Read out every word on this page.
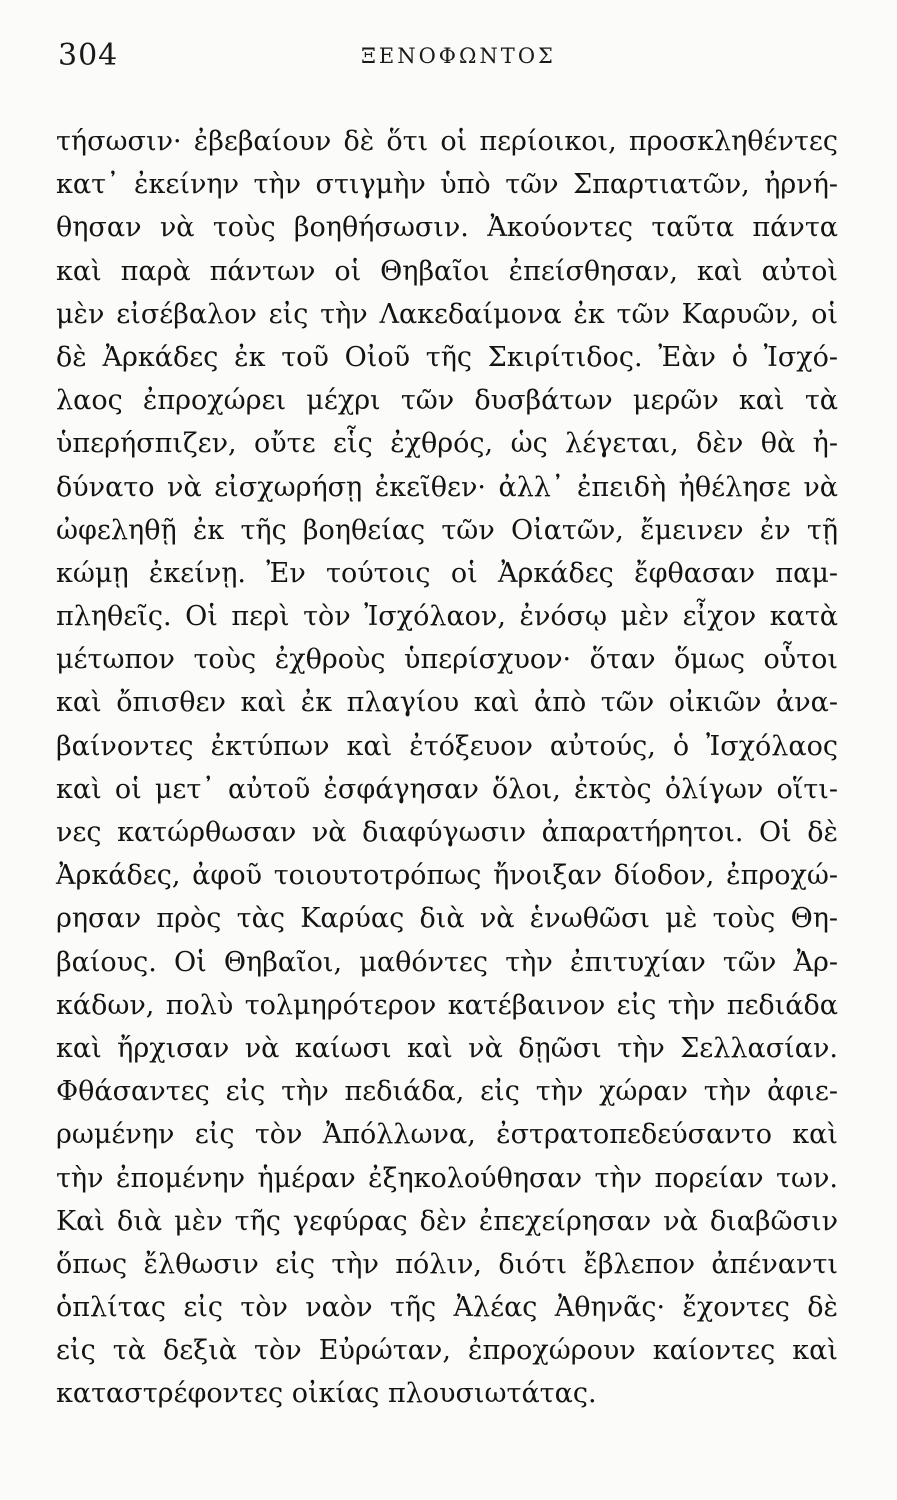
304	ΞΕΝΟΦΩΝΤΟΣ
τήσωσιν· ἐβεβαίουν δὲ ὅτι οἱ περίοικοι, προσκληθέντες
κατ᾽ ἐκείνην τὴν στιγμὴν ὑπὸ τῶν Σπαρτιατῶν, ἠρνή-
θησαν νὰ τοὺς βοηθήσωσιν. Ἀκούοντες ταῦτα πάντα
καὶ παρὰ πάντων οἱ Θηβαῖοι ἐπείσθησαν, καὶ αὐτοὶ
μὲν εἰσέβαλον εἰς τὴν Λακεδαίμονα ἐκ τῶν Καρυῶν, οἱ
δὲ Ἀρκάδες ἐκ τοῦ Οἰοῦ τῆς Σκιρίτιδος. Ἐὰν ὁ Ἰσχό-
λαος ἐπροχώρει μέχρι τῶν δυσβάτων μερῶν καὶ τὰ
ὑπερήσπιζεν, οὔτε εἷς ἐχθρός, ὡς λέγεται, δὲν θὰ ἠ-
δύνατο νὰ εἰσχωρήσῃ ἐκεῖθεν· ἀλλ᾽ ἐπειδὴ ἠθέλησε νὰ
ὠφεληθῇ ἐκ τῆς βοηθείας τῶν Οἰατῶν, ἔμεινεν ἐν τῇ
κώμῃ ἐκείνῃ. Ἐν τούτοις οἱ Ἀρκάδες ἔφθασαν παμ-
πληθεῖς. Οἱ περὶ τὸν Ἰσχόλαον, ἐνόσῳ μὲν εἶχον κατὰ
μέτωπον τοὺς ἐχθροὺς ὑπερίσχυον· ὅταν ὅμως οὗτοι
καὶ ὄπισθεν καὶ ἐκ πλαγίου καὶ ἀπὸ τῶν οἰκιῶν ἀνα-
βαίνοντες ἐκτύπων καὶ ἐτόξευον αὐτούς, ὁ Ἰσχόλαος
καὶ οἱ μετ᾽ αὐτοῦ ἐσφάγησαν ὅλοι, ἐκτὸς ὀλίγων οἵτι-
νες κατώρθωσαν νὰ διαφύγωσιν ἀπαρατήρητοι. Οἱ δὲ
Ἀρκάδες, ἀφοῦ τοιουτοτρόπως ἤνοιξαν δίοδον, ἐπροχώ-
ρησαν πρὸς τὰς Καρύας διὰ νὰ ἑνωθῶσι μὲ τοὺς Θη-
βαίους. Οἱ Θηβαῖοι, μαθόντες τὴν ἐπιτυχίαν τῶν Ἀρ-
κάδων, πολὺ τολμηρότερον κατέβαινον εἰς τὴν πεδιάδα
καὶ ἤρχισαν νὰ καίωσι καὶ νὰ δῃῶσι τὴν Σελλασίαν.
Φθάσαντες εἰς τὴν πεδιάδα, εἰς τὴν χώραν τὴν ἀφιε-
ρωμένην εἰς τὸν Ἀπόλλωνα, ἐστρατοπεδεύσαντο καὶ
τὴν ἐπομένην ἡμέραν ἐξηκολούθησαν τὴν πορείαν των.
Καὶ διὰ μὲν τῆς γεφύρας δὲν ἐπεχείρησαν νὰ διαβῶσιν
ὅπως ἔλθωσιν εἰς τὴν πόλιν, διότι ἔβλεπον ἀπέναντι
ὁπλίτας εἰς τὸν ναὸν τῆς Ἀλέας Ἀθηνᾶς· ἔχοντες δὲ
εἰς τὰ δεξιὰ τὸν Εὐρώταν, ἐπροχώρουν καίοντες καὶ
καταστρέφοντες οἰκίας πλουσιωτάτας.
